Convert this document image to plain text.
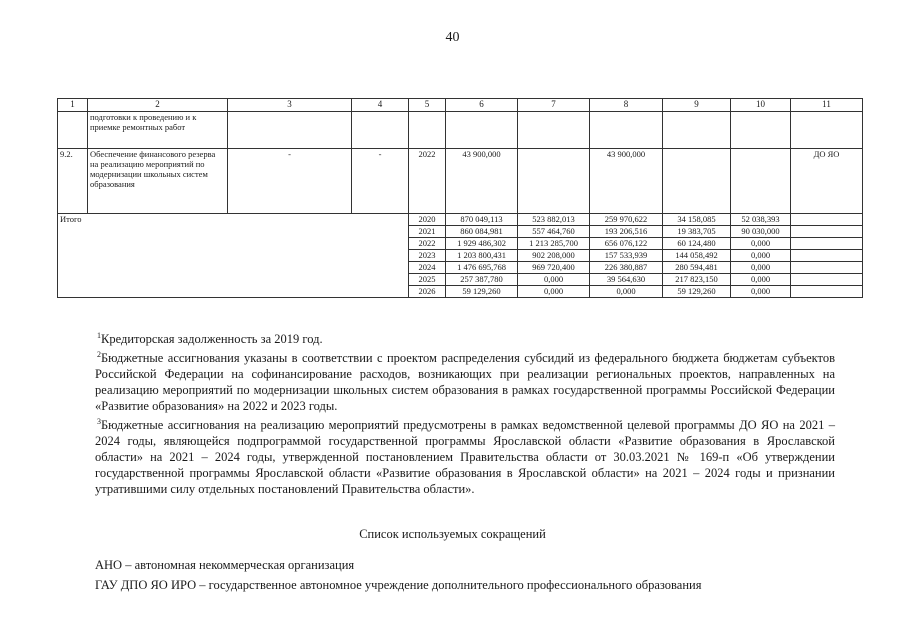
40
1	2	3	4	5	6	7	8	9	10	11
	подготовки к проведению и к приемке ремонтных работ									
9.2.	Обеспечение финансового резерва на реализацию мероприятий по модернизации школьных систем образования	-	-	2022	43 900,000		43 900,000			ДО ЯО
Итого				2020	870 049,113	523 882,013	259 970,622	34 158,085	52 038,393	
				2021	860 084,981	557 464,760	193 206,516	19 383,705	90 030,000	
				2022	1 929 486,302	1 213 285,700	656 076,122	60 124,480	0,000	
				2023	1 203 800,431	902 208,000	157 533,939	144 058,492	0,000	
				2024	1 476 695,768	969 720,400	226 380,887	280 594,481	0,000	
				2025	257 387,780	0,000	39 564,630	217 823,150	0,000	
				2026	59 129,260	0,000	0,000	59 129,260	0,000	

$^1$Кредиторская задолженность за 2019 год.

$^2$Бюджетные ассигнования указаны в соответствии с проектом распределения субсидий из федерального бюджета бюджетам субъектов Российской Федерации на софинансирование расходов, возникающих при реализации региональных проектов, направленных на реализацию мероприятий по модернизации школьных систем образования в рамках государственной программы Российской Федерации «Развитие образования» на 2022 и 2023 годы.

$^3$Бюджетные ассигнования на реализацию мероприятий предусмотрены в рамках ведомственной целевой программы ДО ЯО на 2021 – 2024 годы, являющейся подпрограммой государственной программы Ярославской области «Развитие образования в Ярославской области» на 2021 – 2024 годы, утвержденной постановлением Правительства области от 30.03.2021 № 169-п «Об утверждении государственной программы Ярославской области «Развитие образования в Ярославской области» на 2021 – 2024 годы и признании утратившими силу отдельных постановлений Правительства области».

Список используемых сокращений

АНО – автономная некоммерческая организация

ГАУ ДПО ЯО ИРО – государственное автономное учреждение дополнительного профессионального образования
